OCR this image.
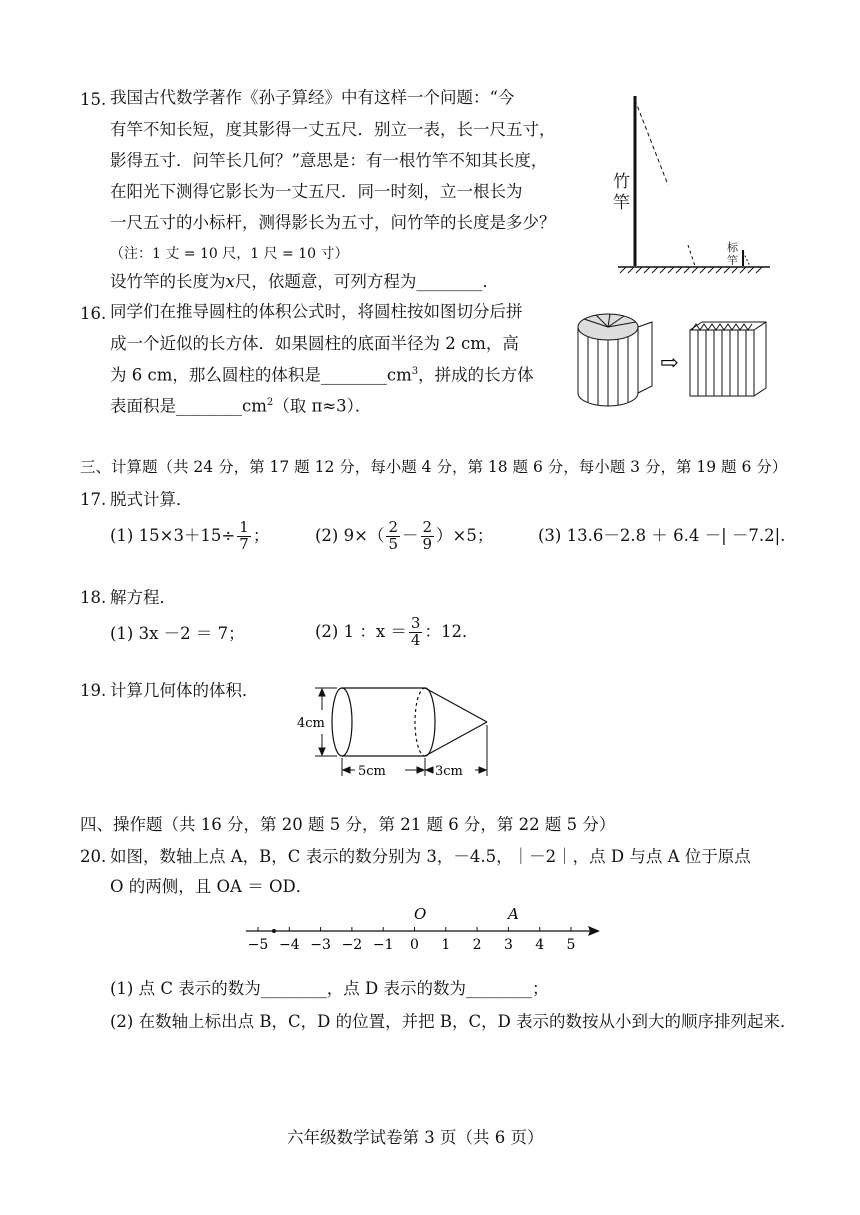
15. 我国古代数学著作《孙子算经》中有这样一个问题：“今
有竿不知长短，度其影得一丈五尺．别立一表，长一尺五寸，
影得五寸．问竿长几何？”意思是：有一根竹竿不知其长度，
在阳光下测得它影长为一丈五尺．同一时刻，立一根长为
一尺五寸的小标杆，测得影长为五寸，问竹竿的长度是多少？
（注：1 丈 = 10 尺，1 尺 = 10 寸）
设竹竿的长度为x尺，依题意，可列方程为________．
竹竿
标竿
16. 同学们在推导圆柱的体积公式时，将圆柱按如图切分后拼
成一个近似的长方体．如果圆柱的底面半径为 2 cm，高
为 6 cm，那么圆柱的体积是$\_\_\_\_\_\_\_\_cm^3$，拼成的长方体
表面积是$\_\_\_\_\_\_\_\_cm^2$（取 π≈3）．
⇨
三、计算题（共 24 分，第 17 题 12 分，每小题 4 分，第 18 题 6 分，每小题 3 分，第 19 题 6 分）
17. 脱式计算．
(1) $15\times 3+15\div \frac{1}{7}$ ；	(2) $9\times( \frac{2}{5} - \frac{2}{9} )\times 5$；	(3) 13.6－2.8 ＋ 6.4 －| －7.2|.
18. 解方程．
(1) 3x －2 ＝ 7；	(2) 1 ：$x = \frac{3}{4}$ ：12．
19. 计算几何体的体积．
4cm
5cm	3cm
四、操作题（共 16 分，第 20 题 5 分，第 21 题 6 分，第 22 题 5 分）
20. 如图，数轴上点 A，B，C 表示的数分别为 3，－4.5，｜－2｜，点 D 与点 A 位于原点
O 的两侧，且 OA ＝ OD．
−5 −4 −3 −2 −1 0 1 2 3 4 5
O	A
(1) 点 C 表示的数为________，点 D 表示的数为________；
(2) 在数轴上标出点 B，C，D 的位置，并把 B，C，D 表示的数按从小到大的顺序排列起来．
六年级数学试卷第 3 页（共 6 页）
